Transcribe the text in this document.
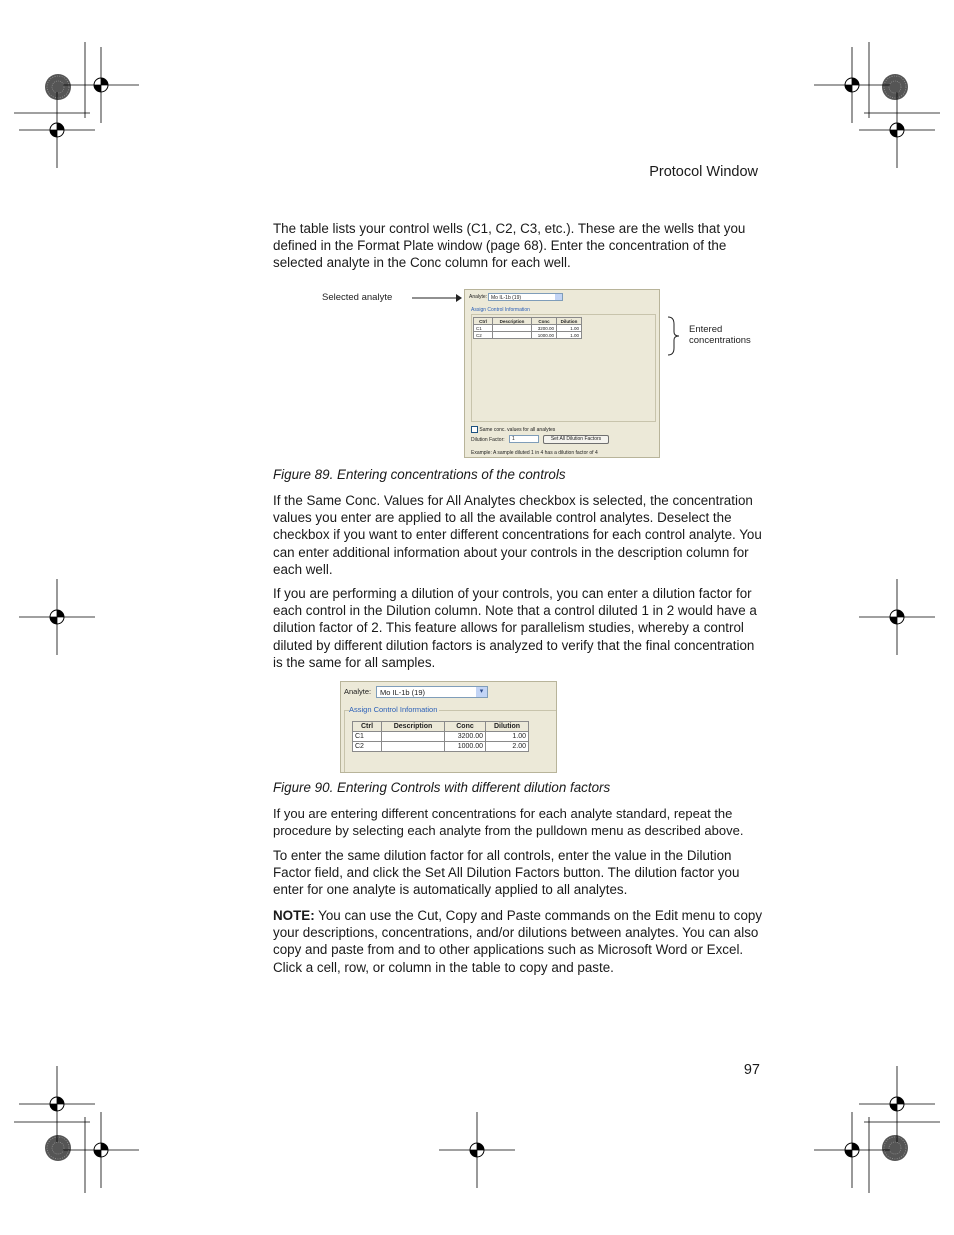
Protocol Window

The table lists your control wells (C1, C2, C3, etc.). These are the wells that you defined in the Format Plate window (page 68). Enter the concentration of the selected analyte in the Conc column for each well.

Selected analyte
Entered
concentrations
Analyte: Mo IL-1b (19)
Assign Control Information
Ctrl	Description	Conc	Dilution
C1		3200.00	1.00
C2		1000.00	1.00
Same conc. values for all analytes
Dilution Factor:	1	Set All Dilution Factors
Example: A sample diluted 1 in 4 has a dilution factor of 4

Figure 89. Entering concentrations of the controls

If the Same Conc. Values for All Analytes checkbox is selected, the concentration values you enter are applied to all the available control analytes. Deselect the checkbox if you want to enter different concentrations for each control analyte. You can enter additional information about your controls in the description column for each well.

If you are performing a dilution of your controls, you can enter a dilution factor for each control in the Dilution column. Note that a control diluted 1 in 2 would have a dilution factor of 2. This feature allows for parallelism studies, whereby a control diluted by different dilution factors is analyzed to verify that the final concentration is the same for all samples.

Analyte: Mo IL-1b (19)	▾
Assign Control Information
Ctrl	Description	Conc	Dilution
C1		3200.00	1.00
C2		1000.00	2.00

Figure 90. Entering Controls with different dilution factors

If you are entering different concentrations for each analyte standard, repeat the procedure by selecting each analyte from the pulldown menu as described above.

To enter the same dilution factor for all controls, enter the value in the Dilution Factor field, and click the Set All Dilution Factors button. The dilution factor you enter for one analyte is automatically applied to all analytes.

NOTE: You can use the Cut, Copy and Paste commands on the Edit menu to copy your descriptions, concentrations, and/or dilutions between analytes. You can also copy and paste from and to other applications such as Microsoft Word or Excel. Click a cell, row, or column in the table to copy and paste.

97
